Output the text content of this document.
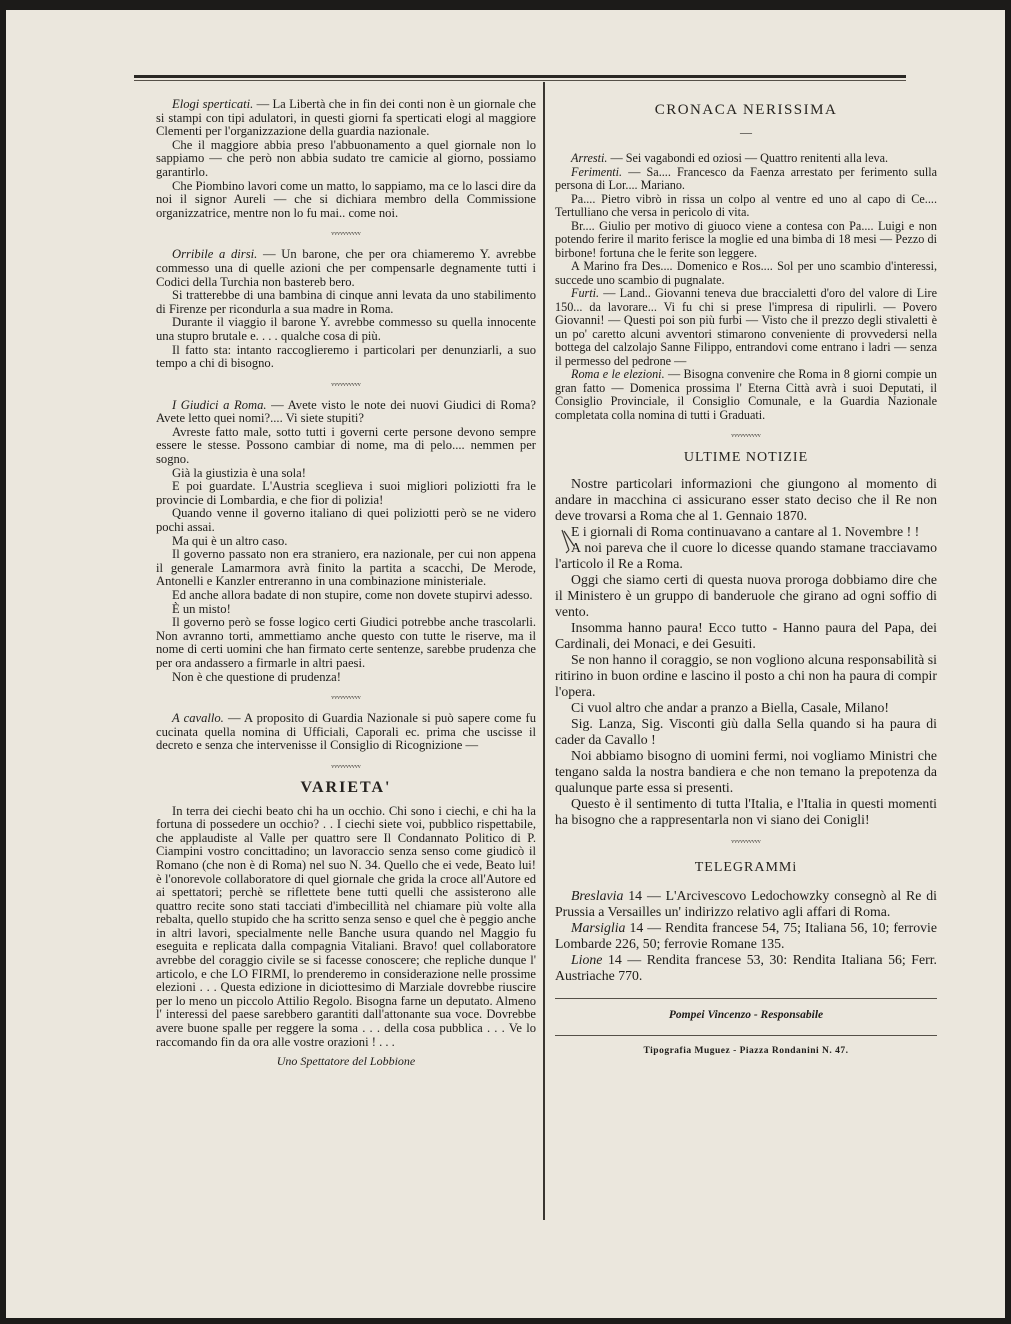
Elogi sperticati. — La Libertà che in fin dei conti non è un giornale che si stampi con tipi adulatori, in questi giorni fa sperticati elogi al maggiore Clementi per l'organizzazione della guardia nazionale.

Che il maggiore abbia preso l'abbuonamento a quel giornale non lo sappiamo — che però non abbia sudato tre camicie al giorno, possiamo garantirlo.

Che Piombino lavori come un matto, lo sappiamo, ma ce lo lasci dire da noi il signor Aureli — che si dichiara membro della Commissione organizzatrice, mentre non lo fu mai.. come noi.

ᵥᵥᵥᵥᵥᵥᵥᵥᵥᵥ

Orribile a dirsi. — Un barone, che per ora chiameremo Y. avrebbe commesso una di quelle azioni che per compensarle degnamente tutti i Codici della Turchia non bastereb bero.

Si tratterebbe di una bambina di cinque anni levata da uno stabilimento di Firenze per ricondurla a sua madre in Roma.

Durante il viaggio il barone Y. avrebbe commesso su quella innocente una stupro brutale e. . . . qualche cosa di più.

Il fatto sta: intanto raccoglieremo i particolari per denunziarli, a suo tempo a chi di bisogno.

ᵥᵥᵥᵥᵥᵥᵥᵥᵥᵥ

I Giudici a Roma. — Avete visto le note dei nuovi Giudici di Roma? Avete letto quei nomi?.... Vi siete stupiti?

Avreste fatto male, sotto tutti i governi certe persone devono sempre essere le stesse. Possono cambiar di nome, ma di pelo.... nemmen per sogno.

Già la giustizia è una sola!

E poi guardate. L'Austria sceglieva i suoi migliori poliziotti fra le provincie di Lombardia, e che fior di polizia!

Quando venne il governo italiano di quei poliziotti però se ne videro pochi assai.

Ma qui è un altro caso.

Il governo passato non era straniero, era nazionale, per cui non appena il generale Lamarmora avrà finito la partita a scacchi, De Merode, Antonelli e Kanzler entreranno in una combinazione ministeriale.

Ed anche allora badate di non stupire, come non dovete stupirvi adesso.

È un misto!

Il governo però se fosse logico certi Giudici potrebbe anche trascolarli. Non avranno torti, ammettiamo anche questo con tutte le riserve, ma il nome di certi uomini che han firmato certe sentenze, sarebbe prudenza che per ora andassero a firmarle in altri paesi.

Non è che questione di prudenza!

ᵥᵥᵥᵥᵥᵥᵥᵥᵥᵥ

A cavallo. — A proposito di Guardia Nazionale si può sapere come fu cucinata quella nomina di Ufficiali, Caporali ec. prima che uscisse il decreto e senza che intervenisse il Consiglio di Ricognizione —

ᵥᵥᵥᵥᵥᵥᵥᵥᵥᵥ
VARIETA'

In terra dei ciechi beato chi ha un occhio. Chi sono i ciechi, e chi ha la fortuna di possedere un occhio? . . I ciechi siete voi, pubblico rispettabile, che applaudiste al Valle per quattro sere Il Condannato Politico di P. Ciampini vostro concittadino; un lavoraccio senza senso come giudicò il Romano (che non è di Roma) nel suo N. 34. Quello che ei vede, Beato lui! è l'onorevole collaboratore di quel giornale che grida la croce all'Autore ed ai spettatori; perchè se riflettete bene tutti quelli che assisterono alle quattro recite sono stati tacciati d'imbecillità nel chiamare più volte alla rebalta, quello stupido che ha scritto senza senso e quel che è peggio anche in altri lavori, specialmente nelle Banche usura quando nel Maggio fu eseguita e replicata dalla compagnia Vitaliani. Bravo! quel collaboratore avrebbe del coraggio civile se si facesse conoscere; che repliche dunque l' articolo, e che LO FIRMI, lo prenderemo in considerazione nelle prossime elezioni . . . Questa edizione in diciottesimo di Marziale dovrebbe riuscire per lo meno un piccolo Attilio Regolo. Bisogna farne un deputato. Almeno l' interessi del paese sarebbero garantiti dall'attonante sua voce. Dovrebbe avere buone spalle per reggere la soma . . . della cosa pubblica . . . Ve lo raccomando fin da ora alle vostre orazioni ! . . .

Uno Spettatore del Lobbione
CRONACA NERISSIMA
—

Arresti. — Sei vagabondi ed oziosi — Quattro renitenti alla leva.

Ferimenti. — Sa.... Francesco da Faenza arrestato per ferimento sulla persona di Lor.... Mariano.

Pa.... Pietro vibrò in rissa un colpo al ventre ed uno al capo di Ce.... Tertulliano che versa in pericolo di vita.

Br.... Giulio per motivo di giuoco viene a contesa con Pa.... Luigi e non potendo ferire il marito ferisce la moglie ed una bimba di 18 mesi — Pezzo di birbone! fortuna che le ferite son leggere.

A Marino fra Des.... Domenico e Ros.... Sol per uno scambio d'interessi, succede uno scambio di pugnalate.

Furti. — Land.. Giovanni teneva due braccialetti d'oro del valore di Lire 150... da lavorare... Vi fu chi si prese l'impresa di ripulirli. — Povero Giovanni! — Questi poi son più furbi — Visto che il prezzo degli stivaletti è un po' caretto alcuni avventori stimarono conveniente di provvedersi nella bottega del calzolajo Sanne Filippo, entrandovi come entrano i ladri — senza il permesso del pedrone —

Roma e le elezioni. — Bisogna convenire che Roma in 8 giorni compie un gran fatto — Domenica prossima l' Eterna Città avrà i suoi Deputati, il Consiglio Provinciale, il Consiglio Comunale, e la Guardia Nazionale completata colla nomina di tutti i Graduati.

ᵥᵥᵥᵥᵥᵥᵥᵥᵥᵥ
ULTIME NOTIZIE

Nostre particolari informazioni che giungono al momento di andare in macchina ci assicurano esser stato deciso che il Re non deve trovarsi a Roma che al 1. Gennaio 1870.

E i giornali di Roma continuavano a cantare al 1. Novembre ! !

A noi pareva che il cuore lo dicesse quando stamane tracciavamo l'articolo il Re a Roma.

Oggi che siamo certi di questa nuova proroga dobbiamo dire che il Ministero è un gruppo di banderuole che girano ad ogni soffio di vento.

Insomma hanno paura! Ecco tutto - Hanno paura del Papa, dei Cardinali, dei Monaci, e dei Gesuiti.

Se non hanno il coraggio, se non vogliono alcuna responsabilità si ritirino in buon ordine e lascino il posto a chi non ha paura di compir l'opera.

Ci vuol altro che andar a pranzo a Biella, Casale, Milano!

Sig. Lanza, Sig. Visconti giù dalla Sella quando si ha paura di cader da Cavallo !

Noi abbiamo bisogno di uomini fermi, noi vogliamo Ministri che tengano salda la nostra bandiera e che non temano la prepotenza da qualunque parte essa si presenti.

Questo è il sentimento di tutta l'Italia, e l'Italia in questi momenti ha bisogno che a rappresentarla non vi siano dei Conigli!

ᵥᵥᵥᵥᵥᵥᵥᵥᵥᵥ
TELEGRAMMi

Breslavia 14 — L'Arcivescovo Ledochowzky consegnò al Re di Prussia a Versailles un' indirizzo relativo agli affari di Roma.

Marsiglia 14 — Rendita francese 54, 75; Italiana 56, 10; ferrovie Lombarde 226, 50; ferrovie Romane 135.

Lione 14 — Rendita francese 53, 30: Rendita Italiana 56; Ferr. Austriache 770.

Pompei Vincenzo - Responsabile
Tipografia Muguez - Piazza Rondanini N. 47.
